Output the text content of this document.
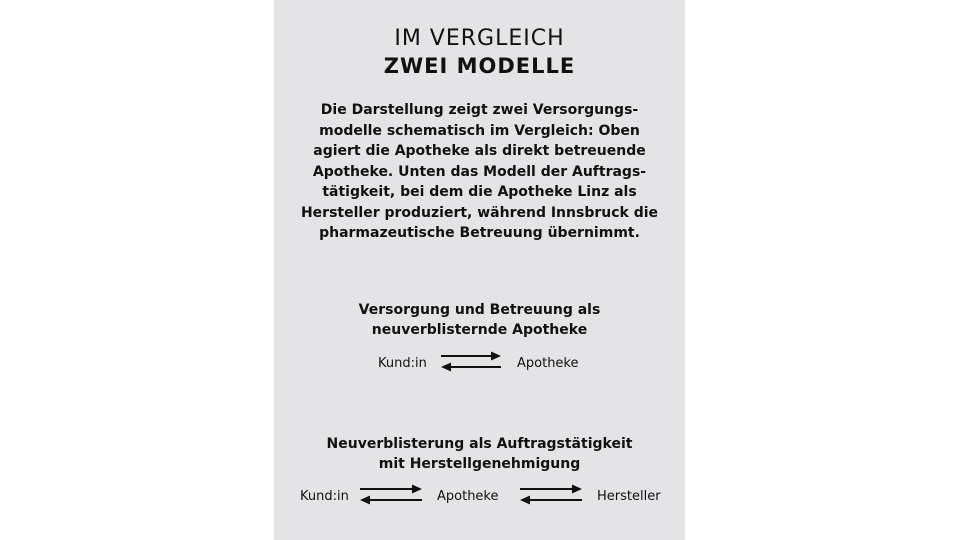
IM VERGLEICH
ZWEI MODELLE
Die Darstellung zeigt zwei Versorgungs-
modelle schematisch im Vergleich: Oben
agiert die Apotheke als direkt betreuende
Apotheke. Unten das Modell der Auftrags-
tätigkeit, bei dem die Apotheke Linz als
Hersteller produziert, während Innsbruck die
pharmazeutische Betreuung übernimmt.
Versorgung und Betreuung als
neuverblisternde Apotheke
Kund:in	Apotheke
Neuverblisterung als Auftragstätigkeit
mit Herstellgenehmigung
Kund:in	Apotheke	Hersteller
